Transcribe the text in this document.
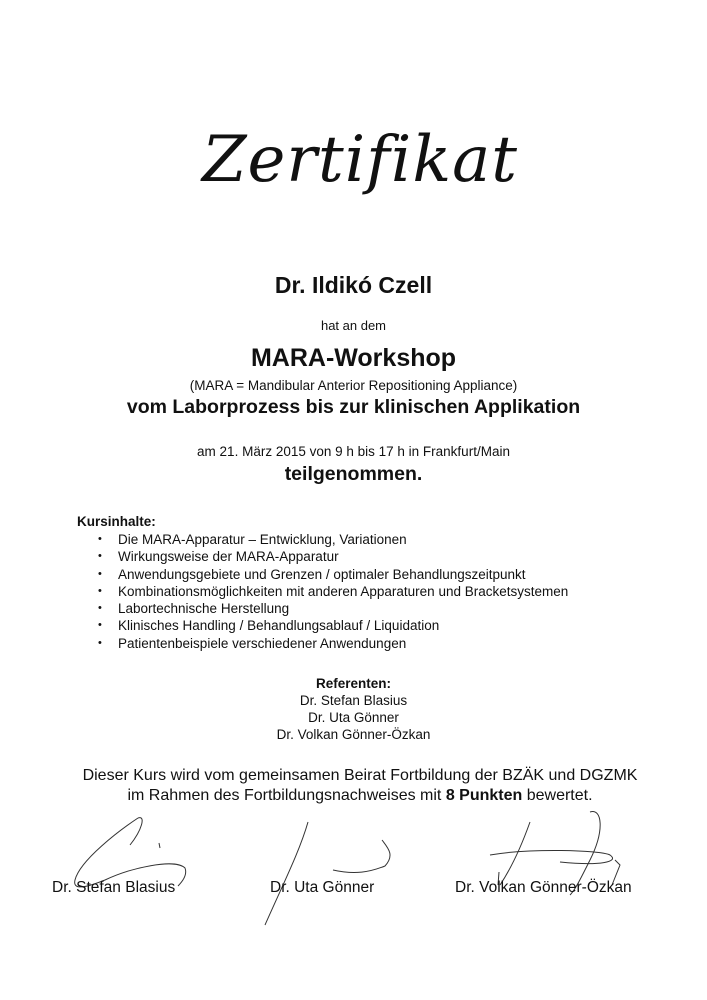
Zertifikat
Dr. Ildikó Czell
hat an dem
MARA-Workshop
(MARA = Mandibular Anterior Repositioning Appliance)
vom Laborprozess bis zur klinischen Applikation
am 21. März 2015 von 9 h bis 17 h in Frankfurt/Main
teilgenommen.
Kursinhalte:
• Die MARA-Apparatur – Entwicklung, Variationen
• Wirkungsweise der MARA-Apparatur
• Anwendungsgebiete und Grenzen / optimaler Behandlungszeitpunkt
• Kombinationsmöglichkeiten mit anderen Apparaturen und Bracketsystemen
• Labortechnische Herstellung
• Klinisches Handling / Behandlungsablauf / Liquidation
• Patientenbeispiele verschiedener Anwendungen
Referenten:
Dr. Stefan Blasius
Dr. Uta Gönner
Dr. Volkan Gönner-Özkan
Dieser Kurs wird vom gemeinsamen Beirat Fortbildung der BZÄK und DGZMK im Rahmen des Fortbildungsnachweises mit 8 Punkten bewertet.
Dr. Stefan Blasius	Dr. Uta Gönner	Dr. Volkan Gönner-Özkan
